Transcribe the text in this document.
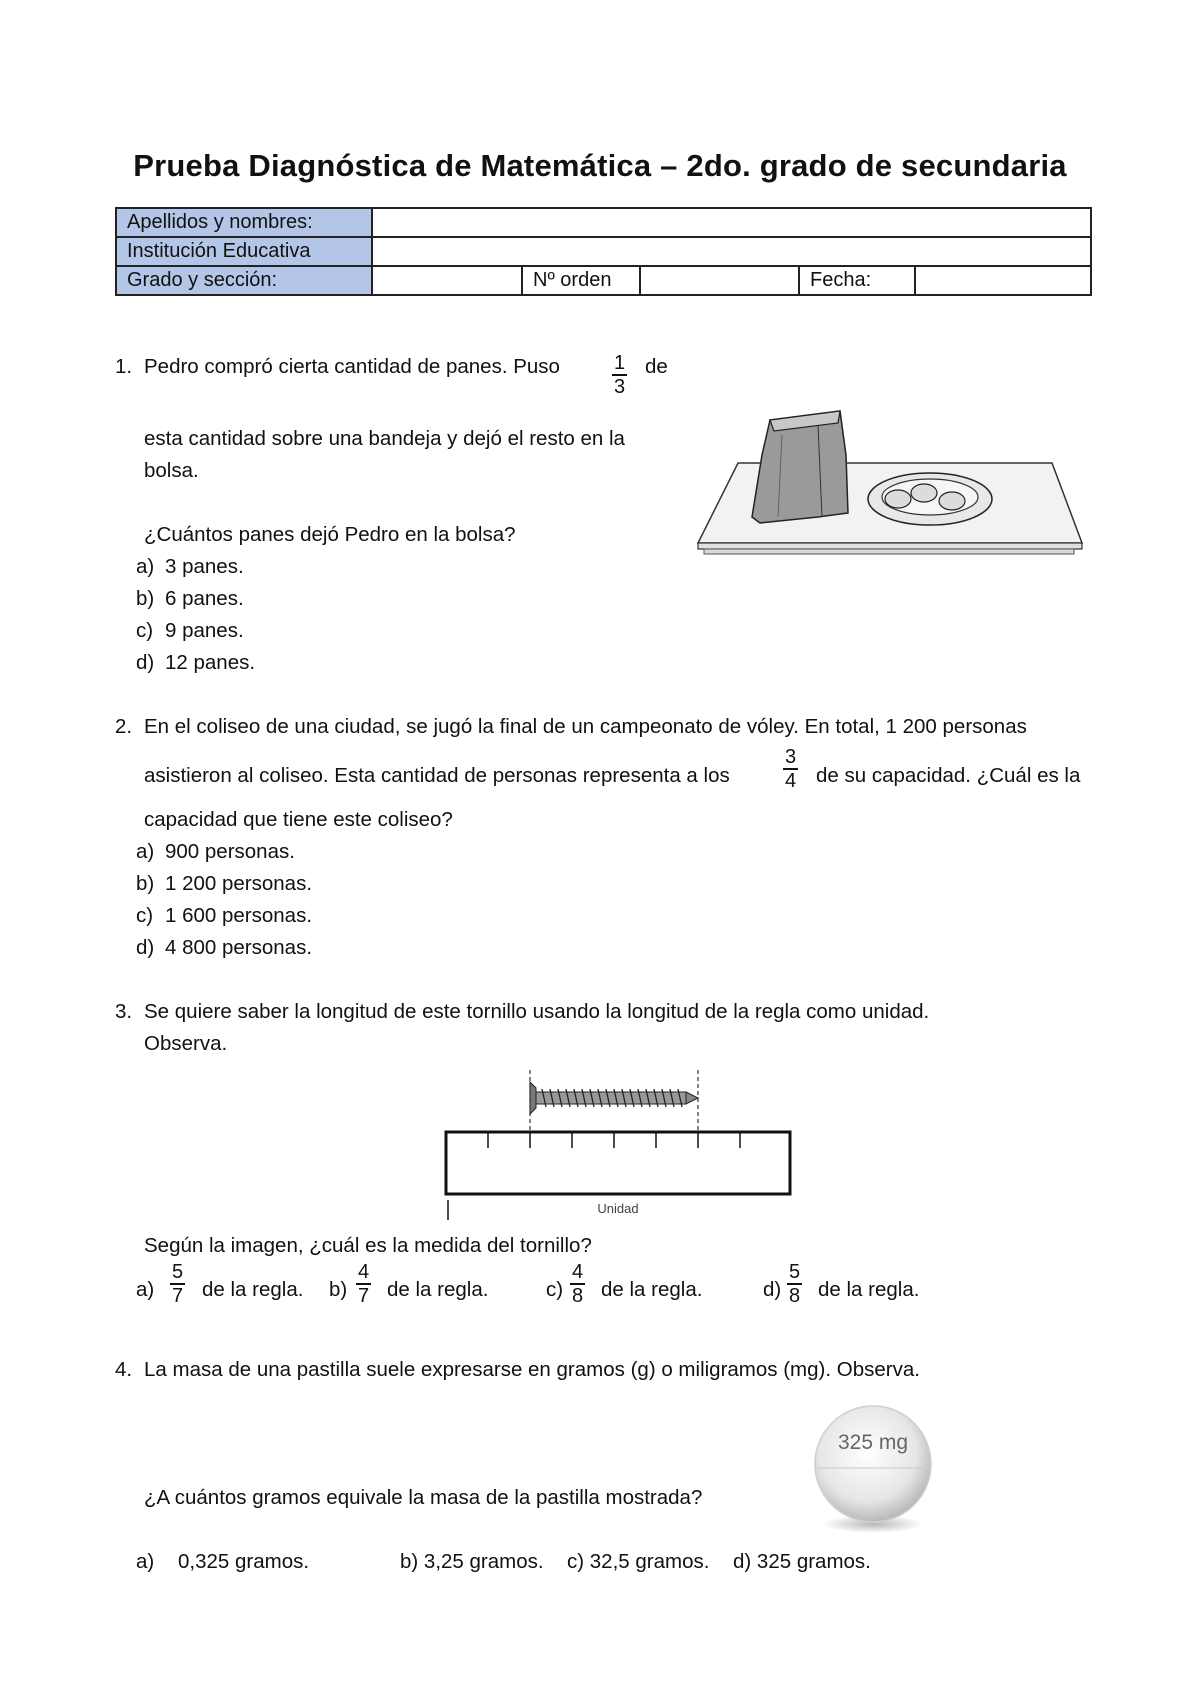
Prueba Diagnóstica de Matemática – 2do. grado de secundaria
Apellidos y nombres:					
Institución Educativa					
Grado y sección:		Nº orden		Fecha:	
1. Pedro compró cierta cantidad de panes. Puso	$\frac{1}{3}$ de
esta cantidad sobre una bandeja y dejó el resto en la
bolsa.
¿Cuántos panes dejó Pedro en la bolsa?
a) 3 panes.
b) 6 panes.
c) 9 panes.
d) 12 panes.
2. En el coliseo de una ciudad, se jugó la final de un campeonato de vóley. En total, 1 200 personas
asistieron al coliseo. Esta cantidad de personas representa a los	$\frac{3}{4}$ de su capacidad. ¿Cuál es la
capacidad que tiene este coliseo?
a) 900 personas.
b) 1 200 personas.
c) 1 600 personas.
d) 4 800 personas.
3. Se quiere saber la longitud de este tornillo usando la longitud de la regla como unidad.
Observa.
Unidad
Según la imagen, ¿cuál es la medida del tornillo?
$a) \frac{5}{7}$ de la regla. $b) \frac{4}{7}$ de la regla.	$c) \frac{4}{8}$ de la regla.	$d) \frac{5}{8}$ de la regla.
4. La masa de una pastilla suele expresarse en gramos (g) o miligramos (mg). Observa.
325 mg
¿A cuántos gramos equivale la masa de la pastilla mostrada?
a) 0,325 gramos.	b) 3,25 gramos. c) 32,5 gramos. d) 325 gramos.
